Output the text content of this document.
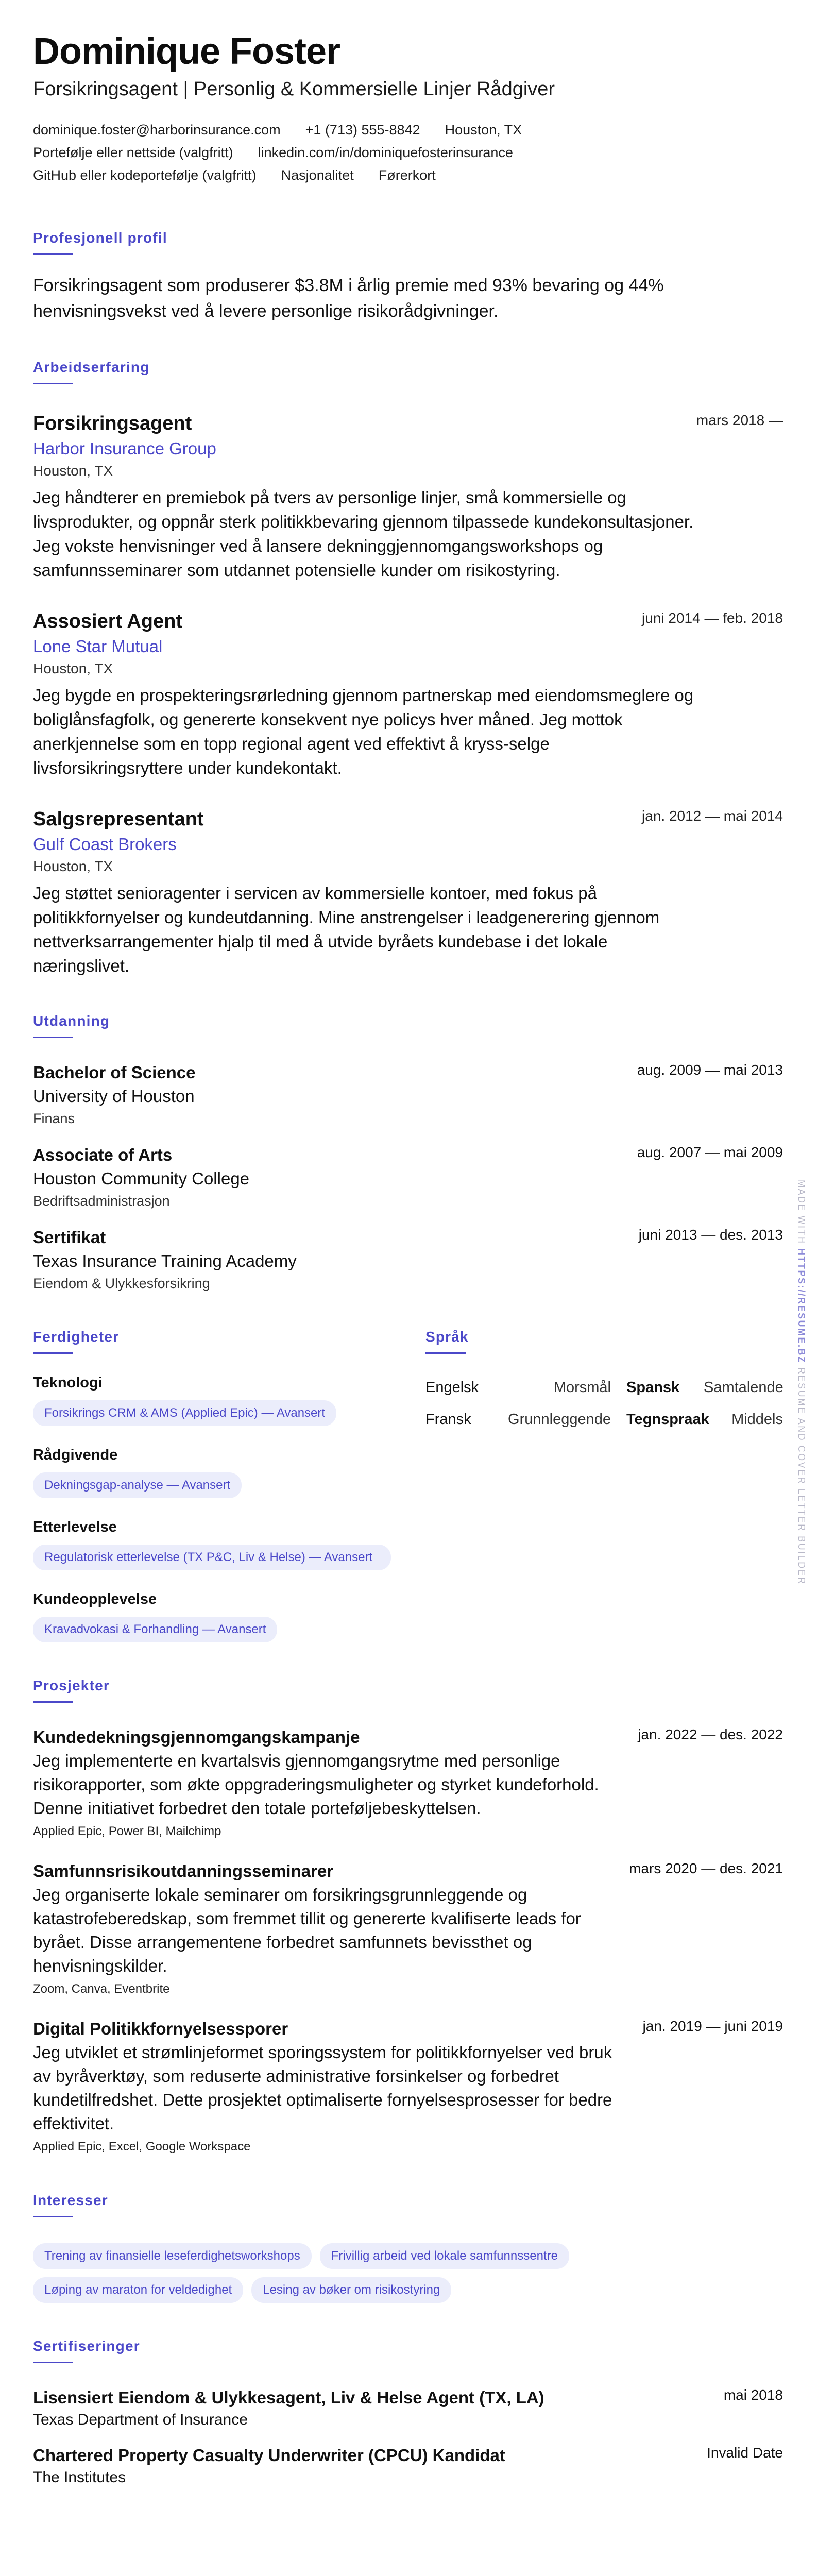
Dominique Foster
Forsikringsagent | Personlig & Kommersielle Linjer Rådgiver
dominique.foster@harborinsurance.com +1 (713) 555-8842 Houston, TX
Portefølje eller nettside (valgfritt) linkedin.com/in/dominiquefosterinsurance
GitHub eller kodeportefølje (valgfritt) Nasjonalitet Førerkort
Profesjonell profil
Forsikringsagent som produserer $3.8M i årlig premie med 93% bevaring og 44% henvisningsvekst ved å levere personlige risikorådgivninger.
Arbeidserfaring
Forsikringsagent	mars 2018 —
Harbor Insurance Group
Houston, TX
Jeg håndterer en premiebok på tvers av personlige linjer, små kommersielle og livsprodukter, og oppnår sterk politikkbevaring gjennom tilpassede kundekonsultasjoner. Jeg vokste henvisninger ved å lansere dekninggjennomgangsworkshops og samfunnsseminarer som utdannet potensielle kunder om risikostyring.
Assosiert Agent	juni 2014 — feb. 2018
Lone Star Mutual
Houston, TX
Jeg bygde en prospekteringsrørledning gjennom partnerskap med eiendomsmeglere og boliglånsfagfolk, og genererte konsekvent nye policys hver måned. Jeg mottok anerkjennelse som en topp regional agent ved effektivt å kryss-selge livsforsikringsryttere under kundekontakt.
Salgsrepresentant	jan. 2012 — mai 2014
Gulf Coast Brokers
Houston, TX
Jeg støttet senioragenter i servicen av kommersielle kontoer, med fokus på politikkfornyelser og kundeutdanning. Mine anstrengelser i leadgenerering gjennom nettverksarrangementer hjalp til med å utvide byråets kundebase i det lokale næringslivet.
Utdanning
Bachelor of Science	aug. 2009 — mai 2013
University of Houston
Finans
Associate of Arts	aug. 2007 — mai 2009
Houston Community College
Bedriftsadministrasjon
Sertifikat	juni 2013 — des. 2013
Texas Insurance Training Academy
Eiendom & Ulykkesforsikring
Ferdigheter
Teknologi
Forsikrings CRM & AMS (Applied Epic) — Avansert
Rådgivende
Dekningsgap-analyse — Avansert
Etterlevelse
Regulatorisk etterlevelse (TX P&C, Liv & Helse) — Avansert
Kundeopplevelse
Kravadvokasi & Forhandling — Avansert
Språk
Engelsk	Morsmål Spansk	Samtalende
Fransk	Grunnleggende Tegnspraak	Middels
Prosjekter
Kundedekningsgjennomgangskampanje	jan. 2022 — des. 2022
Jeg implementerte en kvartalsvis gjennomgangsrytme med personlige risikorapporter, som økte oppgraderingsmuligheter og styrket kundeforhold. Denne initiativet forbedret den totale porteføljebeskyttelsen.
Applied Epic, Power BI, Mailchimp
Samfunnsrisikoutdanningsseminarer	mars 2020 — des. 2021
Jeg organiserte lokale seminarer om forsikringsgrunnleggende og katastrofeberedskap, som fremmet tillit og genererte kvalifiserte leads for byrået. Disse arrangementene forbedret samfunnets bevissthet og henvisningskilder.
Zoom, Canva, Eventbrite
Digital Politikkfornyelsessporer	jan. 2019 — juni 2019
Jeg utviklet et strømlinjeformet sporingssystem for politikkfornyelser ved bruk av byråverktøy, som reduserte administrative forsinkelser og forbedret kundetilfredshet. Dette prosjektet optimaliserte fornyelsesprosesser for bedre effektivitet.
Applied Epic, Excel, Google Workspace
Interesser
Trening av finansielle leseferdighetsworkshops	Frivillig arbeid ved lokale samfunnssentre
Løping av maraton for veldedighet	Lesing av bøker om risikostyring
Sertifiseringer
Lisensiert Eiendom & Ulykkesagent, Liv & Helse Agent (TX, LA)	mai 2018
Texas Department of Insurance
Chartered Property Casualty Underwriter (CPCU) Kandidat	Invalid Date
The Institutes
MADE WITH HTTPS://RESUME.BZ RESUME AND COVER LETTER BUILDER
